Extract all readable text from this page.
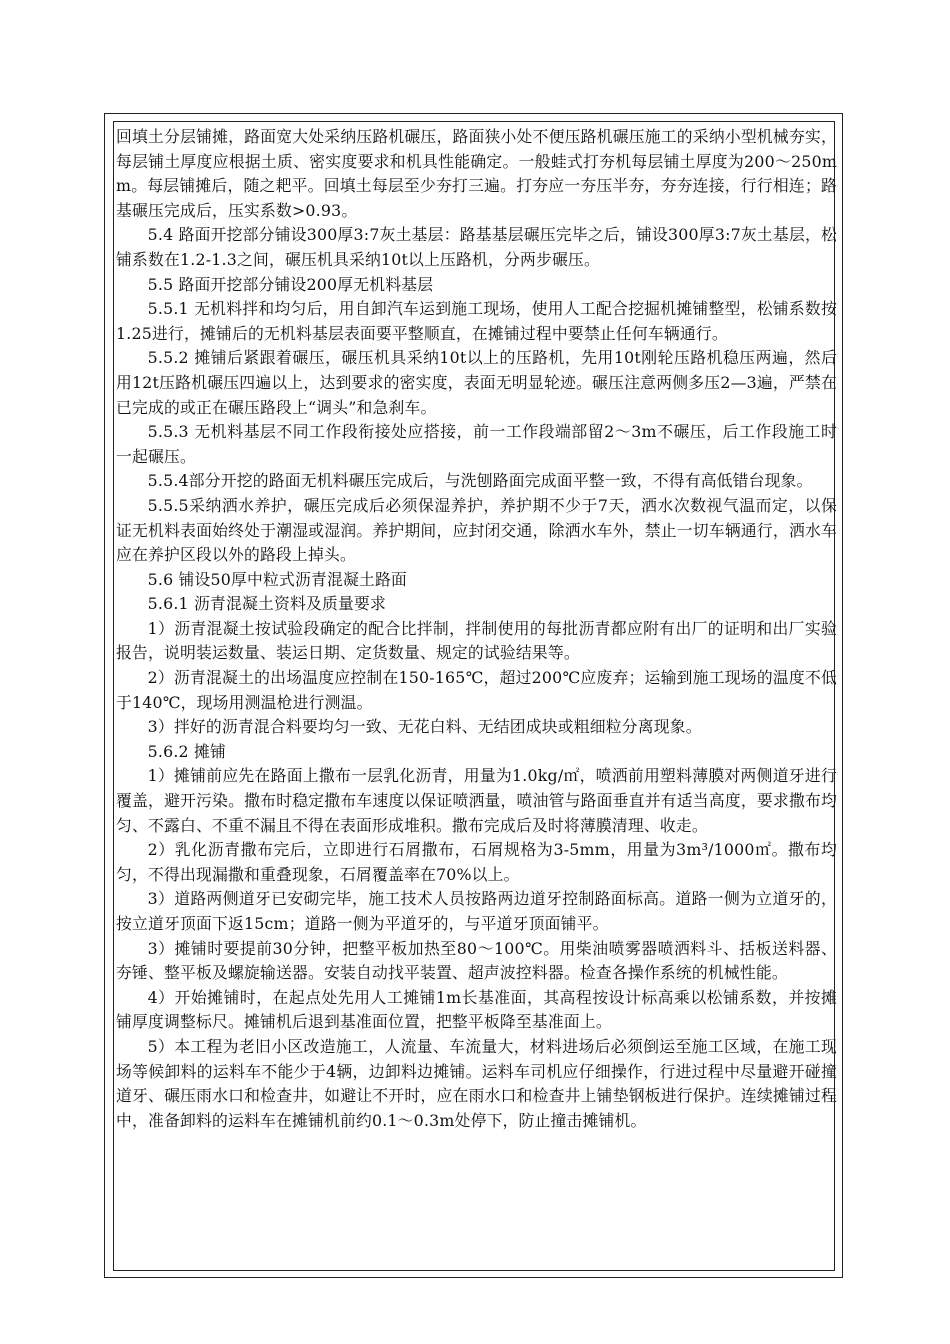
回填土分层铺摊，路面宽大处采纳压路机碾压，路面狭小处不便压路机碾压施工的采纳小型机械夯实，每层铺土厚度应根据土质、密实度要求和机具性能确定。一般蛙式打夯机每层铺土厚度为200～250mm。每层铺摊后，随之耙平。回填土每层至少夯打三遍。打夯应一夯压半夯，夯夯连接，行行相连；路基碾压完成后，压实系数>0.93。

5.4 路面开挖部分铺设300厚3:7灰土基层：路基基层碾压完毕之后，铺设300厚3:7灰土基层，松铺系数在1.2-1.3之间，碾压机具采纳10t以上压路机，分两步碾压。

5.5 路面开挖部分铺设200厚无机料基层

5.5.1 无机料拌和均匀后，用自卸汽车运到施工现场，使用人工配合挖掘机摊铺整型，松铺系数按1.25进行，摊铺后的无机料基层表面要平整顺直，在摊铺过程中要禁止任何车辆通行。

5.5.2 摊铺后紧跟着碾压，碾压机具采纳10t以上的压路机，先用10t刚轮压路机稳压两遍，然后用12t压路机碾压四遍以上，达到要求的密实度，表面无明显轮迹。碾压注意两侧多压2—3遍，严禁在已完成的或正在碾压路段上“调头”和急刹车。

5.5.3 无机料基层不同工作段衔接处应搭接，前一工作段端部留2～3m不碾压，后工作段施工时一起碾压。

5.5.4部分开挖的路面无机料碾压完成后，与洗刨路面完成面平整一致，不得有高低错台现象。

5.5.5采纳洒水养护，碾压完成后必须保湿养护，养护期不少于7天，洒水次数视气温而定，以保证无机料表面始终处于潮湿或湿润。养护期间，应封闭交通，除洒水车外，禁止一切车辆通行，洒水车应在养护区段以外的路段上掉头。

5.6 铺设50厚中粒式沥青混凝土路面

5.6.1 沥青混凝土资料及质量要求

1）沥青混凝土按试验段确定的配合比拌制，拌制使用的每批沥青都应附有出厂的证明和出厂实验报告，说明装运数量、装运日期、定货数量、规定的试验结果等。

2）沥青混凝土的出场温度应控制在150-165℃，超过200℃应废弃；运输到施工现场的温度不低于140℃，现场用测温枪进行测温。

3）拌好的沥青混合料要均匀一致、无花白料、无结团成块或粗细粒分离现象。

5.6.2 摊铺

1）摊铺前应先在路面上撒布一层乳化沥青，用量为1.0kg/㎡，喷洒前用塑料薄膜对两侧道牙进行覆盖，避开污染。撒布时稳定撒布车速度以保证喷洒量，喷油管与路面垂直并有适当高度，要求撒布均匀、不露白、不重不漏且不得在表面形成堆积。撒布完成后及时将薄膜清理、收走。

2）乳化沥青撒布完后，立即进行石屑撒布，石屑规格为3-5mm，用量为3m³/1000㎡。撒布均匀，不得出现漏撒和重叠现象，石屑覆盖率在70%以上。

3）道路两侧道牙已安砌完毕，施工技术人员按路两边道牙控制路面标高。道路一侧为立道牙的，按立道牙顶面下返15cm；道路一侧为平道牙的，与平道牙顶面铺平。

3）摊铺时要提前30分钟，把整平板加热至80～100℃。用柴油喷雾器喷洒料斗、括板送料器、夯锤、整平板及螺旋输送器。安装自动找平装置、超声波控料器。检查各操作系统的机械性能。

4）开始摊铺时，在起点处先用人工摊铺1m长基准面，其高程按设计标高乘以松铺系数，并按摊铺厚度调整标尺。摊铺机后退到基准面位置，把整平板降至基准面上。

5）本工程为老旧小区改造施工，人流量、车流量大，材料进场后必须倒运至施工区域，在施工现场等候卸料的运料车不能少于4辆，边卸料边摊铺。运料车司机应仔细操作，行进过程中尽量避开碰撞道牙、碾压雨水口和检查井，如避让不开时，应在雨水口和检查井上铺垫钢板进行保护。连续摊铺过程中，准备卸料的运料车在摊铺机前约0.1～0.3m处停下，防止撞击摊铺机。
